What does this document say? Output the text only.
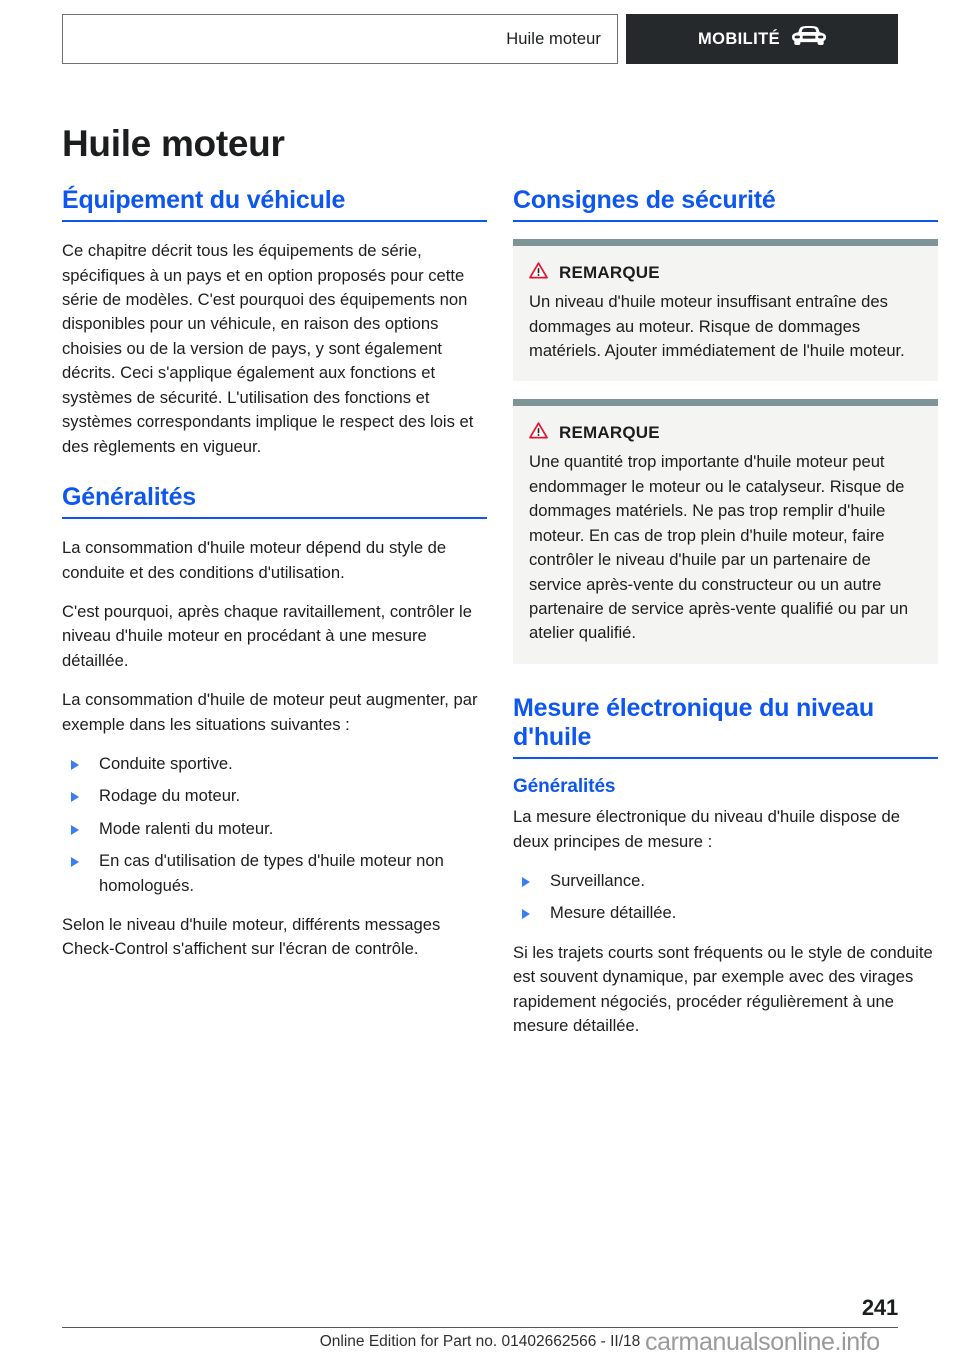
Huile moteur	MOBILITÉ
Huile moteur
Équipement du véhicule

Ce chapitre décrit tous les équipements de série, spécifiques à un pays et en option proposés pour cette série de modèles. C'est pourquoi des équipements non disponibles pour un véhicule, en raison des options choisies ou de la version de pays, y sont également décrits. Ceci s'applique également aux fonctions et systèmes de sécurité. L'utilisation des fonctions et systèmes correspondants implique le respect des lois et des règlements en vigueur.

Généralités

La consommation d'huile moteur dépend du style de conduite et des conditions d'utilisation.

C'est pourquoi, après chaque ravitaillement, contrôler le niveau d'huile moteur en procédant à une mesure détaillée.

La consommation d'huile de moteur peut augmenter, par exemple dans les situations suivantes :

Conduite sportive.
Rodage du moteur.
Mode ralenti du moteur.
En cas d'utilisation de types d'huile moteur non homologués.

Selon le niveau d'huile moteur, différents messages Check-Control s'affichent sur l'écran de contrôle.

Consignes de sécurité
REMARQUE

Un niveau d'huile moteur insuffisant entraîne des dommages au moteur. Risque de dommages matériels. Ajouter immédiatement de l'huile moteur.

REMARQUE

Une quantité trop importante d'huile moteur peut endommager le moteur ou le catalyseur. Risque de dommages matériels. Ne pas trop remplir d'huile moteur. En cas de trop plein d'huile moteur, faire contrôler le niveau d'huile par un partenaire de service après-vente du constructeur ou un autre partenaire de service après-vente qualifié ou par un atelier qualifié.

Mesure électronique du niveau d'huile
Généralités

La mesure électronique du niveau d'huile dispose de deux principes de mesure :

Surveillance.
Mesure détaillée.

Si les trajets courts sont fréquents ou le style de conduite est souvent dynamique, par exemple avec des virages rapidement négociés, procéder régulièrement à une mesure détaillée.

241
Online Edition for Part no. 01402662566 - II/18 carmanualsonline.info
